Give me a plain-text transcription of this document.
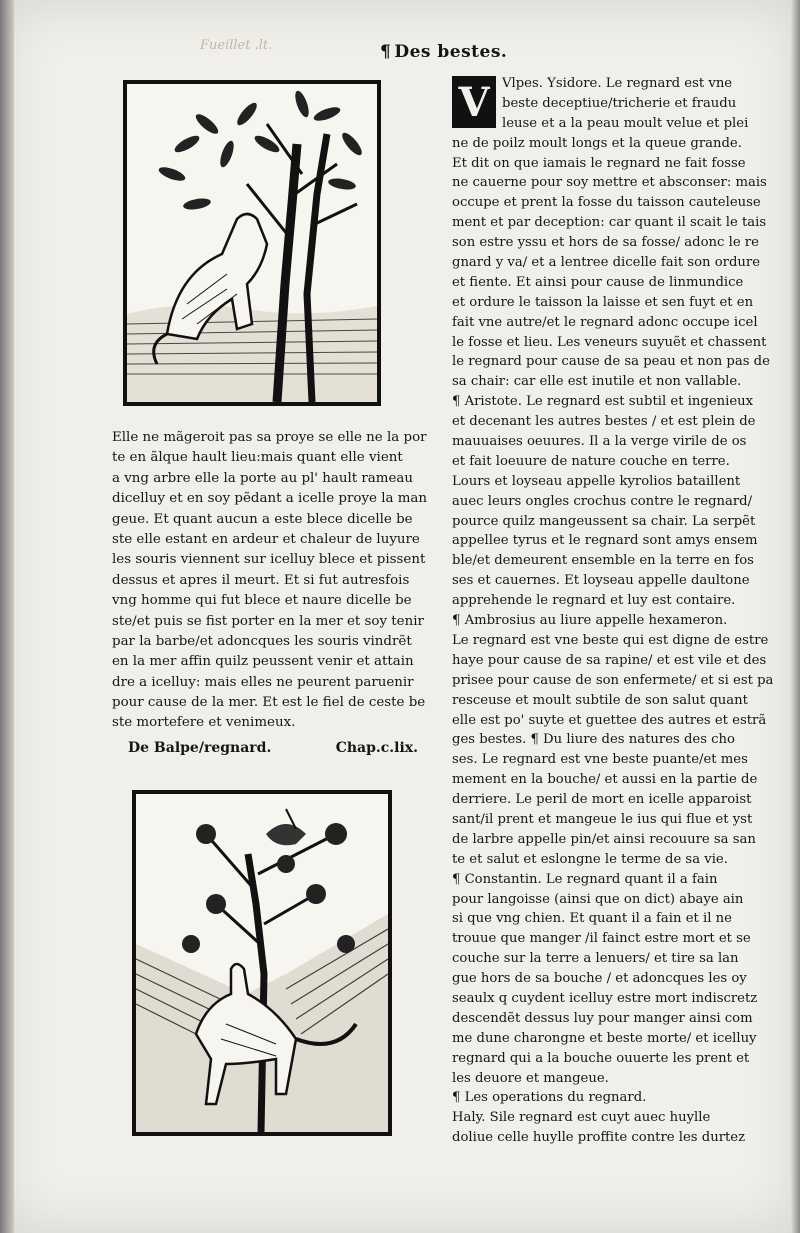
Fueillet .lt.	¶ Des bestes.
Elle ne mãgeroit pas sa proye se elle ne la por
te en ãlque hault lieu:mais quant elle vient
a vng arbre elle la porte au pl' hault rameau
dicelluy et en soy pẽdant a icelle proye la man
geue. Et quant aucun a este blece dicelle be
ste elle estant en ardeur et chaleur de luyure
les souris viennent sur icelluy blece et pissent
dessus et apres il meurt. Et si fut autresfois
vng homme qui fut blece et naure dicelle be
ste/et puis se fist porter en la mer et soy tenir
par la barbe/et adoncques les souris vindrẽt
en la mer affin quilz peussent venir et attain
dre a icelluy: mais elles ne peurent paruenir
pour cause de la mer. Et est le fiel de ceste be
ste mortefere et venimeux.
De Balpe/regnard.	Chap.c.lix.
V Vlpes. Ysidore. Le regnard est vne
beste deceptiue/tricherie et fraudu
leuse et a la peau moult velue et plei
ne de poilz moult longs et la queue grande.
Et dit on que iamais le regnard ne fait fosse
ne cauerne pour soy mettre et absconser: mais
occupe et prent la fosse du taisson cauteleuse
ment et par deception: car quant il scait le tais
son estre yssu et hors de sa fosse/ adonc le re
gnard y va/ et a lentree dicelle fait son ordure
et fiente. Et ainsi pour cause de linmundice
et ordure le taisson la laisse et sen fuyt et en
fait vne autre/et le regnard adonc occupe icel
le fosse et lieu. Les veneurs suyuẽt et chassent
le regnard pour cause de sa peau et non pas de
sa chair: car elle est inutile et non vallable.
¶ Aristote. Le regnard est subtil et ingenieux
et decenant les autres bestes / et est plein de
mauuaises oeuures. Il a la verge virile de os
et fait loeuure de nature couche en terre.
Lours et loyseau appelle kyrolios bataillent
auec leurs ongles crochus contre le regnard/
pource quilz mangeussent sa chair. La serpẽt
appellee tyrus et le regnard sont amys ensem
ble/et demeurent ensemble en la terre en fos
ses et cauernes. Et loyseau appelle daultone
apprehende le regnard et luy est contaire.
¶ Ambrosius au liure appelle hexameron.
Le regnard est vne beste qui est digne de estre
haye pour cause de sa rapine/ et est vile et des
prisee pour cause de son enfermete/ et si est pa
resceuse et moult subtile de son salut quant
elle est po' suyte et guettee des autres et estrã
ges bestes. ¶ Du liure des natures des cho
ses. Le regnard est vne beste puante/et mes
mement en la bouche/ et aussi en la partie de
derriere. Le peril de mort en icelle apparoist
sant/il prent et mangeue le ius qui flue et yst
de larbre appelle pin/et ainsi recouure sa san
te et salut et eslongne le terme de sa vie.
¶ Constantin. Le regnard quant il a fain
pour langoisse (ainsi que on dict) abaye ain
si que vng chien. Et quant il a fain et il ne
trouue que manger /il fainct estre mort et se
couche sur la terre a lenuers/ et tire sa lan
gue hors de sa bouche / et adoncques les oy
seaulx q cuydent icelluy estre mort indiscretz
descendẽt dessus luy pour manger ainsi com
me dune charongne et beste morte/ et icelluy
regnard qui a la bouche ouuerte les prent et
les deuore et mangeue.
¶ Les operations du regnard.
Haly. Sile regnard est cuyt auec huylle
doliue celle huylle proffite contre les durtez
